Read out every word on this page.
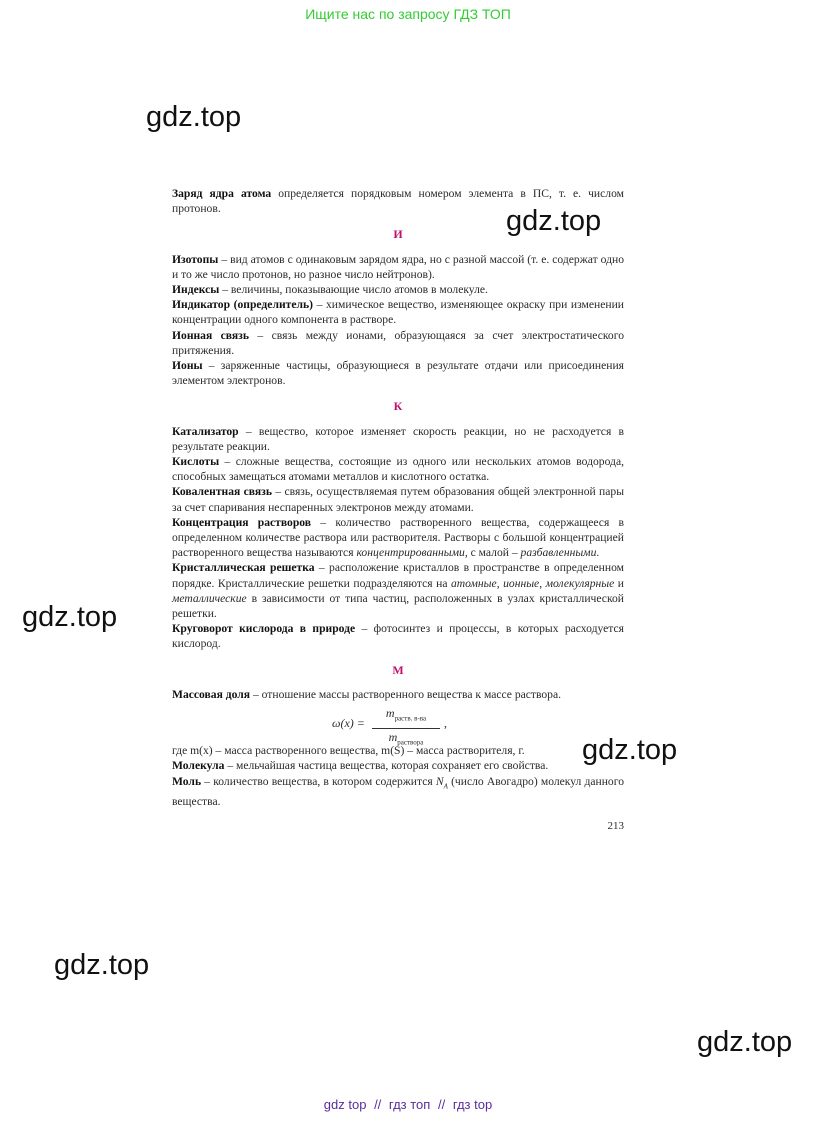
Ищите нас по запросу ГДЗ ТОП
gdz.top
gdz.top
gdz.top
gdz.top
gdz.top
gdz.top

Заряд ядра атома определяется порядковым номером элемента в ПС, т. е. числом протонов.

И

Изотопы – вид атомов с одинаковым зарядом ядра, но с разной массой (т. е. содержат одно и то же число протонов, но разное число нейтронов).

Индексы – величины, показывающие число атомов в молекуле.

Индикатор (определитель) – химическое вещество, изменяющее окраску при изменении концентрации одного компонента в растворе.

Ионная связь – связь между ионами, образующаяся за счет электростатического притяжения.

Ионы – заряженные частицы, образующиеся в результате отдачи или присоединения элементом электронов.

К

Катализатор – вещество, которое изменяет скорость реакции, но не расходуется в результате реакции.

Кислоты – сложные вещества, состоящие из одного или нескольких атомов водорода, способных замещаться атомами металлов и кислотного остатка.

Ковалентная связь – связь, осуществляемая путем образования общей электронной пары за счет спаривания неспаренных электронов между атомами.

Концентрация растворов – количество растворенного вещества, содержащееся в определенном количестве раствора или растворителя. Растворы с большой концентрацией растворенного вещества называются концентрированными, с малой – разбавленными.

Кристаллическая решетка – расположение кристаллов в пространстве в определенном порядке. Кристаллические решетки подразделяются на атомные, ионные, молекулярные и металлические в зависимости от типа частиц, расположенных в узлах кристаллической решетки.

Круговорот кислорода в природе – фотосинтез и процессы, в которых расходуется кислород.

М

Массовая доля – отношение массы растворенного вещества к массе раствора.

ω(x) =
$m_{раств. в-ва}$
$m_{раствора}$
,

где m(x) – масса растворенного вещества, m(S) – масса растворителя, г.

Молекула – мельчайшая частица вещества, которая сохраняет его свойства.

Моль – количество вещества, в котором содержится $N_A$ (число Авогадро) молекул данного вещества.

213
gdz top // гдз топ // гдз top
